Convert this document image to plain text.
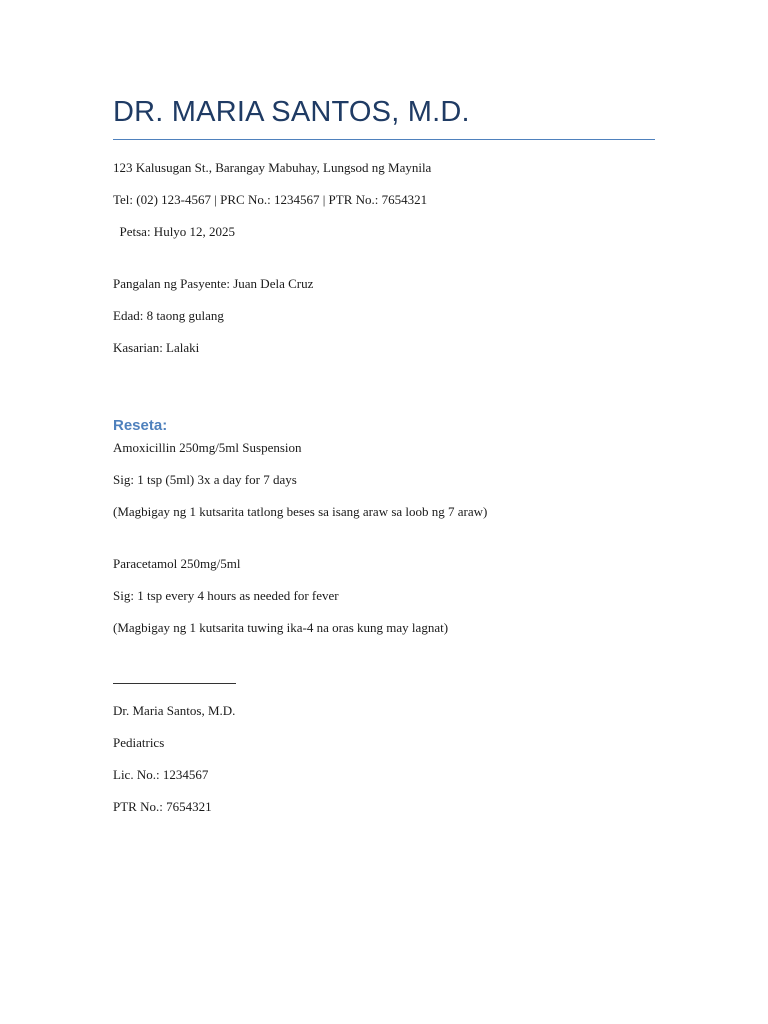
DR. MARIA SANTOS, M.D.
123 Kalusugan St., Barangay Mabuhay, Lungsod ng Maynila
Tel: (02) 123-4567 | PRC No.: 1234567 | PTR No.: 7654321
Petsa: Hulyo 12, 2025
Pangalan ng Pasyente: Juan Dela Cruz
Edad: 8 taong gulang
Kasarian: Lalaki
Reseta:
Amoxicillin 250mg/5ml Suspension
Sig: 1 tsp (5ml) 3x a day for 7 days
(Magbigay ng 1 kutsarita tatlong beses sa isang araw sa loob ng 7 araw)
Paracetamol 250mg/5ml
Sig: 1 tsp every 4 hours as needed for fever
(Magbigay ng 1 kutsarita tuwing ika-4 na oras kung may lagnat)
Dr. Maria Santos, M.D.
Pediatrics
Lic. No.: 1234567
PTR No.: 7654321
